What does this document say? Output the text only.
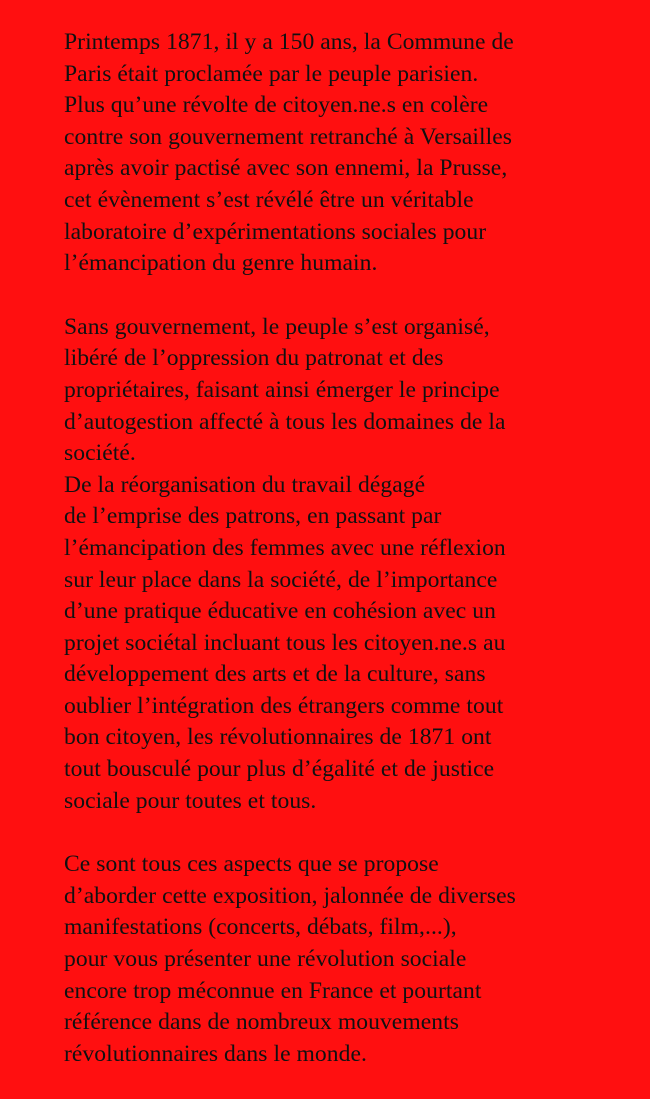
Printemps 1871, il y a 150 ans, la Commune de
Paris était proclamée par le peuple parisien.
Plus qu’une révolte de citoyen.ne.s en colère
contre son gouvernement retranché à Versailles
après avoir pactisé avec son ennemi, la Prusse,
cet évènement s’est révélé être un véritable
laboratoire d’expérimentations sociales pour
l’émancipation du genre humain.
Sans gouvernement, le peuple s’est organisé,
libéré de l’oppression du patronat et des
propriétaires, faisant ainsi émerger le principe
d’autogestion affecté à tous les domaines de la
société.
De la réorganisation du travail dégagé
de l’emprise des patrons, en passant par
l’émancipation des femmes avec une réflexion
sur leur place dans la société, de l’importance
d’une pratique éducative en cohésion avec un
projet sociétal incluant tous les citoyen.ne.s au
développement des arts et de la culture, sans
oublier l’intégration des étrangers comme tout
bon citoyen, les révolutionnaires de 1871 ont
tout bousculé pour plus d’égalité et de justice
sociale pour toutes et tous.
Ce sont tous ces aspects que se propose
d’aborder cette exposition, jalonnée de diverses
manifestations (concerts, débats, film,...),
pour vous présenter une révolution sociale
encore trop méconnue en France et pourtant
référence dans de nombreux mouvements
révolutionnaires dans le monde.
